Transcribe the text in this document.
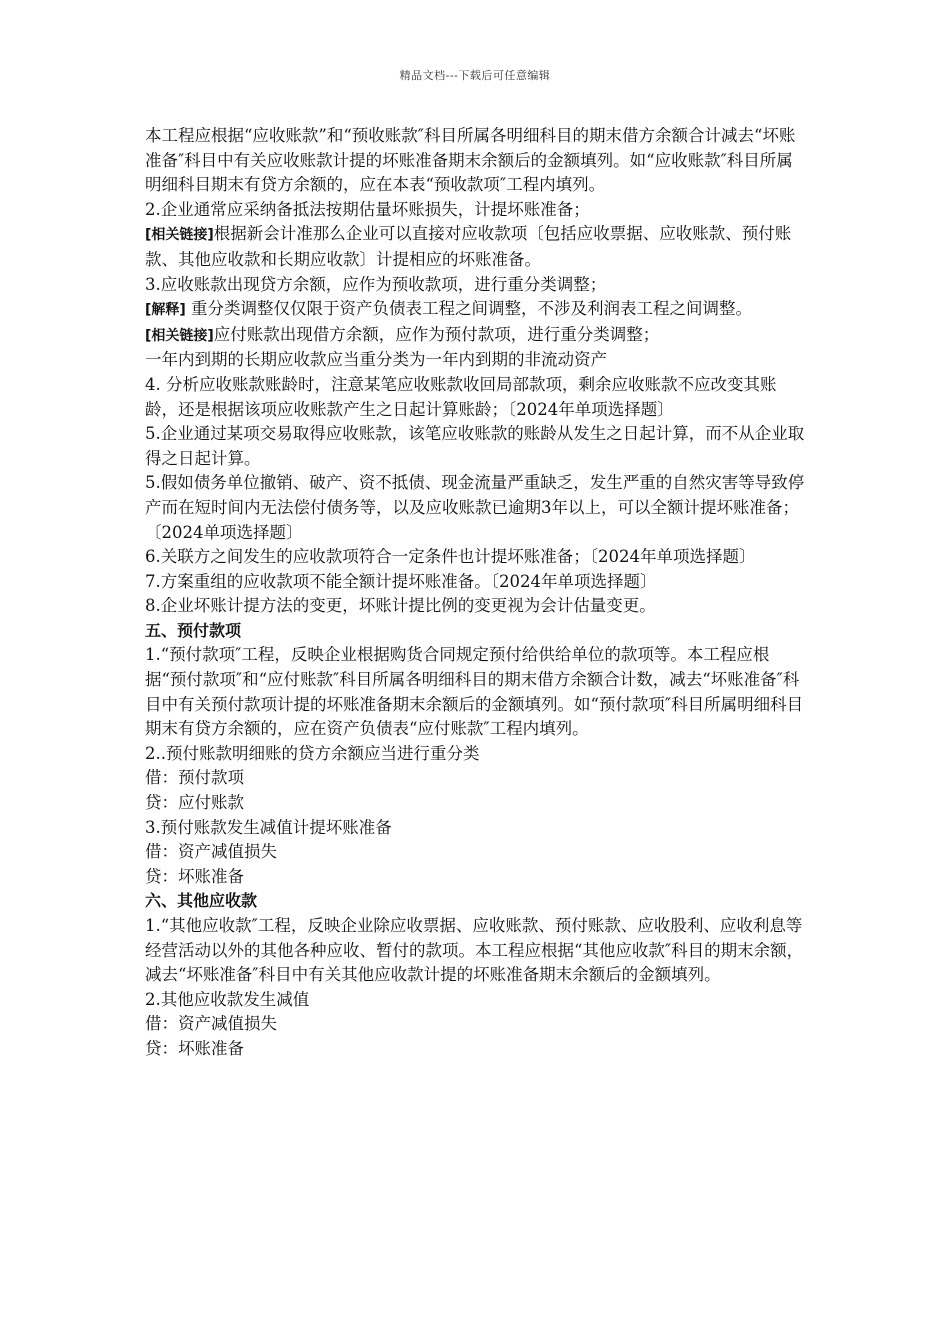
精品文档---下载后可任意编辑

本工程应根据“应收账款”和“预收账款″科目所属各明细科目的期末借方余额合计减去“坏账准备″科目中有关应收账款计提的坏账准备期末余额后的金额填列。如“应收账款″科目所属明细科目期末有贷方余额的，应在本表“预收款项″工程内填列。

2.企业通常应采纳备抵法按期估量坏账损失，计提坏账准备；

[相关链接]根据新会计准那么企业可以直接对应收款项〔包括应收票据、应收账款、预付账款、其他应收款和长期应收款〕计提相应的坏账准备。

3.应收账款出现贷方余额，应作为预收款项，进行重分类调整；

[解释] 重分类调整仅仅限于资产负债表工程之间调整，不涉及利润表工程之间调整。

[相关链接]应付账款出现借方余额，应作为预付款项，进行重分类调整；

一年内到期的长期应收款应当重分类为一年内到期的非流动资产

4. 分析应收账款账龄时，注意某笔应收账款收回局部款项，剩余应收账款不应改变其账龄，还是根据该项应收账款产生之日起计算账龄；〔2024年单项选择题〕

5.企业通过某项交易取得应收账款，该笔应收账款的账龄从发生之日起计算，而不从企业取得之日起计算。

5.假如债务单位撤销、破产、资不抵债、现金流量严重缺乏，发生严重的自然灾害等导致停产而在短时间内无法偿付债务等，以及应收账款已逾期3年以上，可以全额计提坏账准备；〔2024单项选择题〕

6.关联方之间发生的应收款项符合一定条件也计提坏账准备；〔2024年单项选择题〕

7.方案重组的应收款项不能全额计提坏账准备。〔2024年单项选择题〕

8.企业坏账计提方法的变更，坏账计提比例的变更视为会计估量变更。

五、预付款项

1.“预付款项″工程，反映企业根据购货合同规定预付给供给单位的款项等。本工程应根据“预付款项″和“应付账款″科目所属各明细科目的期末借方余额合计数，减去“坏账准备″科目中有关预付款项计提的坏账准备期末余额后的金额填列。如“预付款项″科目所属明细科目期末有贷方余额的，应在资产负债表“应付账款″工程内填列。

2..预付账款明细账的贷方余额应当进行重分类

借：预付款项

贷：应付账款

3.预付账款发生减值计提坏账准备

借：资产减值损失

贷：坏账准备

六、其他应收款

1.“其他应收款″工程，反映企业除应收票据、应收账款、预付账款、应收股利、应收利息等经营活动以外的其他各种应收、暂付的款项。本工程应根据“其他应收款″科目的期末余额，减去“坏账准备″科目中有关其他应收款计提的坏账准备期末余额后的金额填列。

2.其他应收款发生减值

借：资产减值损失

贷：坏账准备
